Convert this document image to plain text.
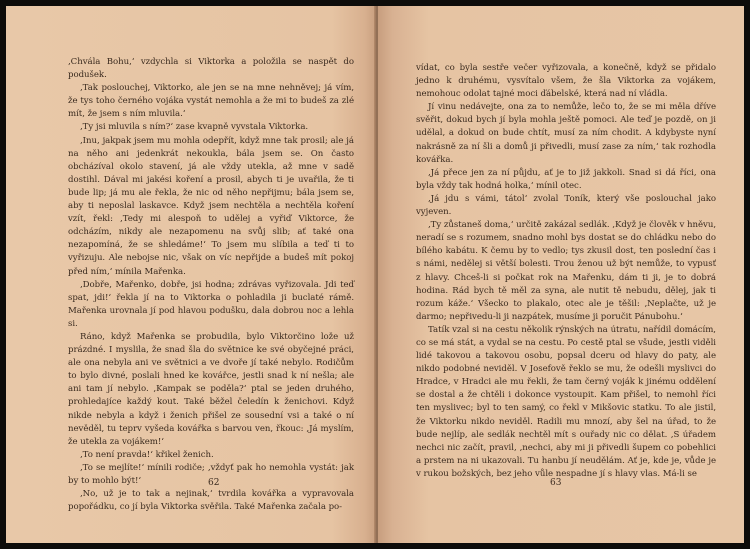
‚Chvála Bohu,‘ vzdychla si Viktorka a položila se naspět do podušek.

‚Tak poslouchej, Viktorko, ale jen se na mne nehněvej; já vím, že tys toho černého vojáka vystát nemohla a že mi to budeš za zlé mít, že jsem s ním mluvila.‘

‚Ty jsi mluvila s ním?‘ zase kvapně vyvstala Viktorka.

‚Inu, jakpak jsem mu mohla odepřít, když mne tak prosil; ale já na něho ani jedenkrát nekoukla, bála jsem se. On často obcházíval okolo stavení, já ale vždy utekla, až mne v sadě dostihl. Dával mi jakési koření a prosil, abych ti je uvařila, že ti bude lip; já mu ale řekla, že nic od něho nepřijmu; bála jsem se, aby ti neposlal laskavce. Když jsem nechtěla a nechtěla koření vzít, řekl: ‚Tedy mi alespoň to udělej a vyřiď Viktorce, že odcházím, nikdy ale nezapomenu na svůj slib; ať také ona nezapomíná, že se shledáme!‘ To jsem mu slíbila a teď ti to vyřizuju. Ale nebojse nic, však on víc nepřijde a budeš mít pokoj před ním,‘ mínila Mařenka.

‚Dobře, Mařenko, dobře, jsi hodna; zdrávas vyřizovala. Jdi teď spat, jdi!‘ řekla jí na to Viktorka o pohladila ji buclaté rámě. Mařenka urovnala jí pod hlavou podušku, dala dobrou noc a lehla si.

Ráno, když Mařenka se probudila, bylo Viktorčino lože už prázdné. I myslila, že snad šla do světnice ke své obyčejné práci, ale ona nebyla ani ve světnici a ve dvoře jí také nebylo. Rodičům to bylo divné, poslali hned ke kovářce, jestli snad k ní nešla; ale ani tam jí nebylo. ‚Kampak se poděla?‘ ptal se jeden druhého, prohledajíce každý kout. Také běžel čeledín k ženichovi. Když nikde nebyla a když i ženich přišel ze sousední vsi a také o ní nevěděl, tu teprv vyšeda kovářka s barvou ven, řkouc: ‚Já myslím, že utekla za vojákem!‘

‚To není pravda!‘ křikel ženich.

‚To se mejlíte!‘ mínili rodiče; ‚vždyť pak ho nemohla vystát: jak by to mohlo být!‘

‚No, už je to tak a nejinak,‘ tvrdila kovářka a vypravovala popořádku, co jí byla Viktorka svěřila. Také Mařenka začala po-

62

vídat, co byla sestře večer vyřizovala, a konečně, když se přidalo jedno k druhému, vysvítalo všem, že šla Viktorka za vojákem, nemohouc odolat tajné moci ďábelské, která nad ní vládla.

Jí vinu nedávejte, ona za to nemůže, lečo to, že se mi měla dříve svěřit, dokud bych jí byla mohla ještě pomoci. Ale teď je pozdě, on ji udělal, a dokud on bude chtít, musí za ním chodit. A kdybyste nyní nakrásně za ní šli a domů ji přivedli, musí zase za ním,‘ tak rozhodla kovářka.

‚Já přece jen za ní půjdu, ať je to již jakkoli. Snad si dá říci, ona byla vždy tak hodná holka,‘ mínil otec.

‚Já jdu s vámi, tátol‘ zvolal Toník, který vše poslouchal jako vyjeven.

‚Ty zůstaneš doma,‘ určitě zakázal sedlák. ‚Když je člověk v hněvu, neradí se s rozumem, snadno mohl bys dostat se do chládku nebo do bílého kabátu. K čemu by to vedlo; tys zkusil dost, ten poslední čas i s námi, nedělej si větší bolesti. Trou ženou už být nemůže, to vypusť z hlavy. Chceš-li si počkat rok na Mařenku, dám ti ji, je to dobrá hodina. Rád bych tě měl za syna, ale nutit tě nebudu, dělej, jak ti rozum káže.‘ Všecko to plakalo, otec ale je těšil: ‚Neplačte, už je darmo; nepřivedu-li ji nazpátek, musíme ji poručit Pánubohu.‘

Tatík vzal si na cestu několik rýnských na útratu, nařídil domácím, co se má stát, a vydal se na cestu. Po cestě ptal se všude, jestli viděli lidé takovou a takovou osobu, popsal dceru od hlavy do paty, ale nikdo podobné neviděl. V Josefově řeklo se mu, že odešli myslivci do Hradce, v Hradci ale mu řekli, že tam černý voják k jinému oddělení se dostal a že chtěli i dokonce vystoupit. Kam přišel, to nemohl říci ten myslivec; byl to ten samý, co řekl v Mikšovic statku. To ale jistil, že Viktorku nikdo neviděl. Radili mu mnozí, aby šel na úřad, to že bude nejlíp, ale sedlák nechtěl mít s ouřady nic co dělat. ‚S úřadem nechci nic začít, pravil, ‚nechci, aby mi ji přivedli šupem co pobehlici a prstem na ni ukazovali. Tu hanbu jí neudělám. Ať je, kde je, vůde je v rukou božských, bez jeho vůle nespadne jí s hlavy vlas. Má-li se

63
